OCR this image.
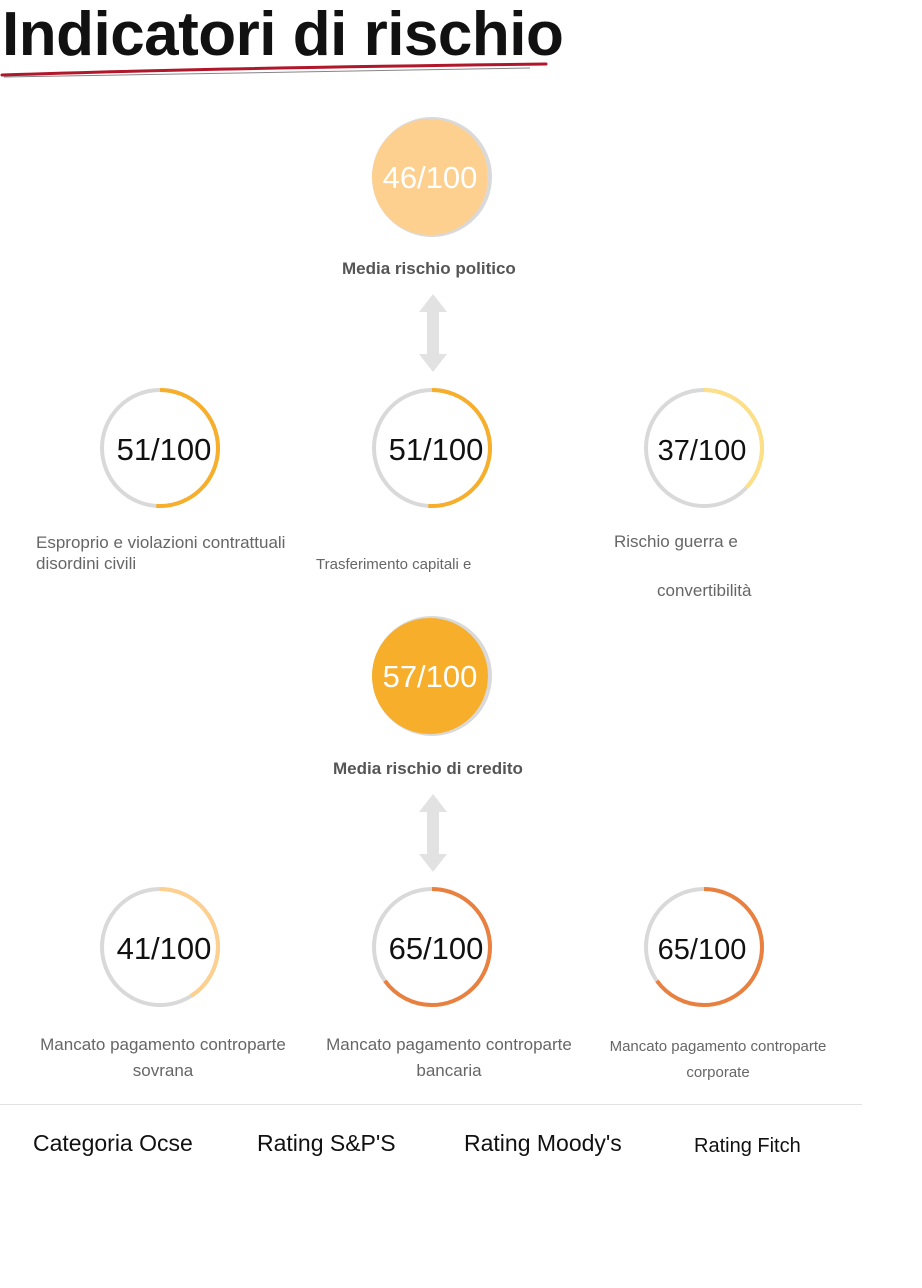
Indicatori di rischio
46/100
Media rischio politico
51/100
Esproprio e violazioni contrattuali
disordini civili
51/100
Trasferimento capitali e
37/100
Rischio guerra e
convertibilità
57/100
Media rischio di credito
41/100
Mancato pagamento controparte
sovrana
65/100
Mancato pagamento controparte
bancaria
65/100
Mancato pagamento controparte
corporate
Categoria Ocse	Rating S&P'S	Rating Moody's	Rating Fitch
